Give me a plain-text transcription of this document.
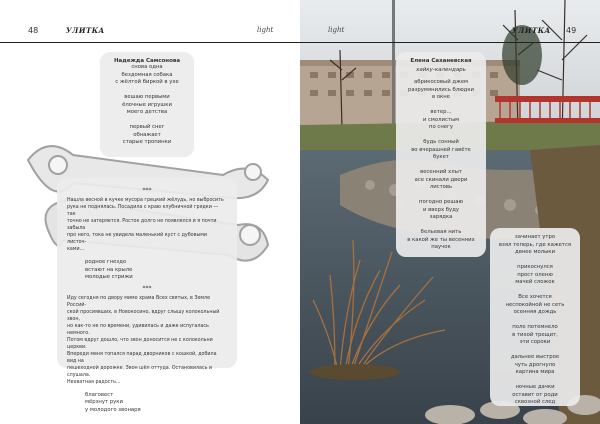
48	УЛИТКА	light

Надежда Самсонова

снова одна

бездомная собака

с жёлтой биркой в ухе

вешаю первыми

ёлочные игрушки

моего детства

первый снег

обнажает

старые тропинки

***

Нашла весной в кучке мусора грецкий жёлудь, но выбросить

рука не поднялась. Посадила с краю клубничной грядки — так

точно не затеряется. Росток долго не появлялся и я почти забыла

про него, тока не увидела маленький куст с дубовыми листоч-

ками...

родное гнездо

встают на крыле

молодые стрижи

***

Иду сегодня по двору мимо храма Всех святых, в Земле Россий-

ской просиявших, в Новокосино, вдруг слышу колокольный звон,

но как-то не по времени, удивилась и даже испугалась немного.

Потом вдруг дошло, что звон доносится не с колокольни церкви.

Впереди меня топался парад дворников с кошкой, добила вид на

пешеходной дорожке. Звон шёл оттуда. Остановилась и слушала.

Нехватная радость...

благовест

мёрзнут руки

у молодого звонаря

light	УЛИТКА 49

Елена Саханевская

хайку-календарь

абрикосовый джем

разрумянились блюдки

в окне

ветер...

и смолистым

по снегу

будь сонный

во вчерашней гавёте

букет

весенний хлыт

асе скинали двери

листовь

погодно решаю

и вверх буду

зарядка

бельевая нить

в какой же ты весенних

паучок

зачинает утро

взял теперь, где кажется

двнее молыки

прикоснулся

прост оленю

мачей сложок

Все хочется

неспокойной не сеть

осенняя дождь

поле потемнело

в тихой трещит,

эти сороки

дальнее выстрое

чуть дрогнуло

картина мира

ночные дачки

оставит от роди

сквозной след
